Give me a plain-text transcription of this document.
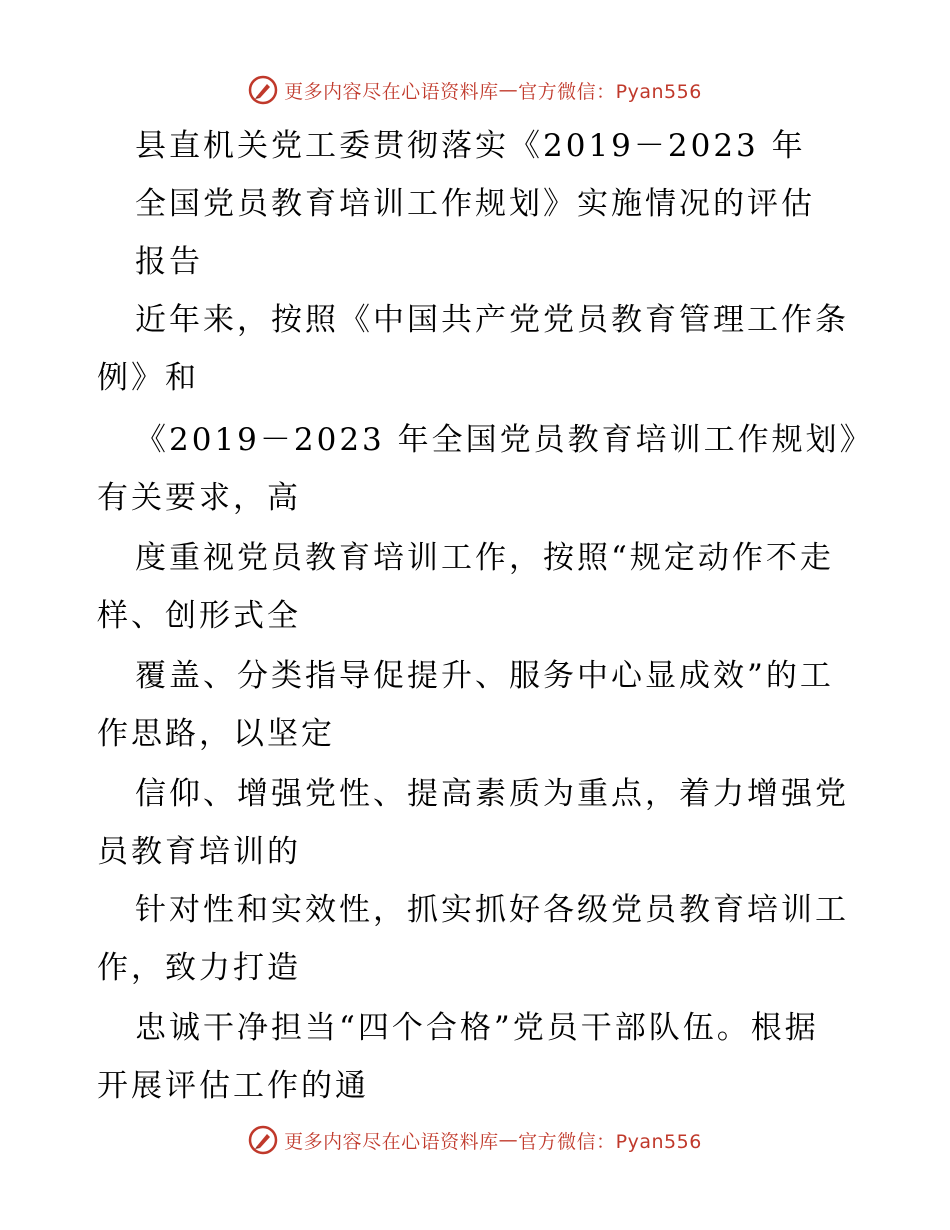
更多内容尽在心语资料库 — 官方微信：Pyan556
县直机关党工委贯彻落实《2019－2023 年
全国党员教育培训工作规划》实施情况的评估
报告
近年来，按照《中国共产党党员教育管理工作条
例》和
《2019－2023 年全国党员教育培训工作规划》
有关要求，高
度重视党员教育培训工作，按照“规定动作不走
样、创形式全
覆盖、分类指导促提升、服务中心显成效”的工
作思路，以坚定
信仰、增强党性、提高素质为重点，着力增强党
员教育培训的
针对性和实效性，抓实抓好各级党员教育培训工
作，致力打造
忠诚干净担当“四个合格”党员干部队伍。根据
开展评估工作的通
更多内容尽在心语资料库 — 官方微信：Pyan556
